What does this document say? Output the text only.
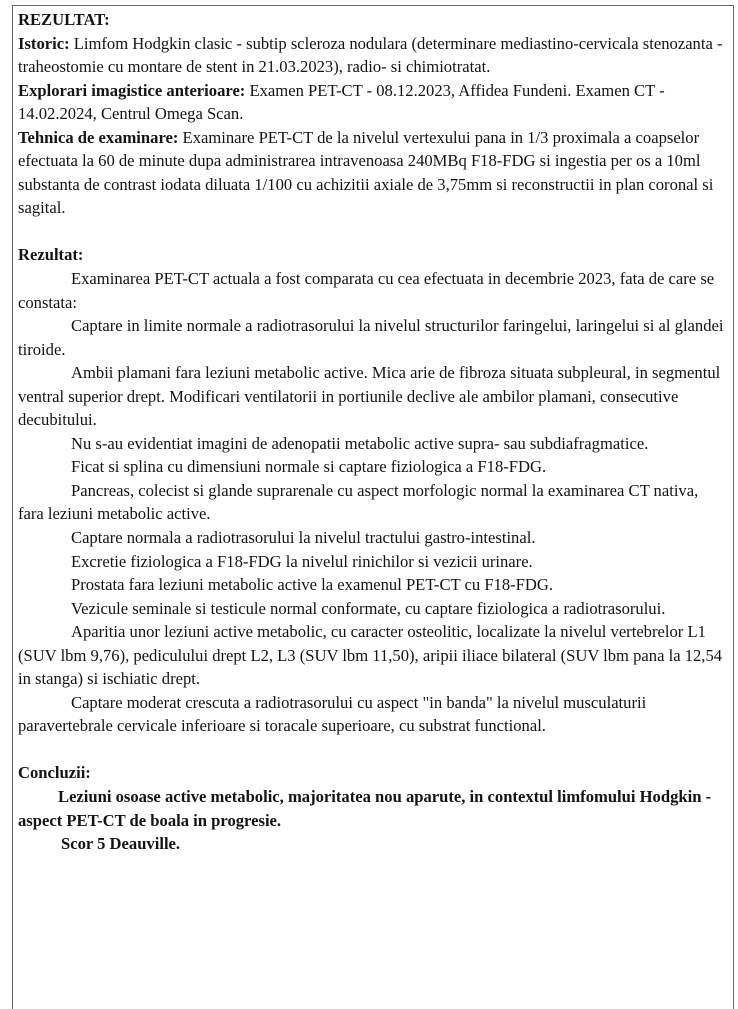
REZULTAT:

Istoric: Limfom Hodgkin clasic - subtip scleroza nodulara (determinare mediastino-cervicala stenozanta - traheostomie cu montare de stent in 21.03.2023), radio- si chimiotratat.

Explorari imagistice anterioare: Examen PET-CT - 08.12.2023, Affidea Fundeni. Examen CT - 14.02.2024, Centrul Omega Scan.

Tehnica de examinare: Examinare PET-CT de la nivelul vertexului pana in 1/3 proximala a coapselor efectuata la 60 de minute dupa administrarea intravenoasa 240MBq F18-FDG si ingestia per os a 10ml substanta de contrast iodata diluata 1/100 cu achizitii axiale de 3,75mm si reconstructii in plan coronal si sagital.

Rezultat:

Examinarea PET-CT actuala a fost comparata cu cea efectuata in decembrie 2023, fata de care se constata:

Captare in limite normale a radiotrasorului la nivelul structurilor faringelui, laringelui si al glandei tiroide.

Ambii plamani fara leziuni metabolic active. Mica arie de fibroza situata subpleural, in segmentul ventral superior drept. Modificari ventilatorii in portiunile declive ale ambilor plamani, consecutive decubitului.

Nu s-au evidentiat imagini de adenopatii metabolic active supra- sau subdiafragmatice.

Ficat si splina cu dimensiuni normale si captare fiziologica a F18-FDG.

Pancreas, colecist si glande suprarenale cu aspect morfologic normal la examinarea CT nativa, fara leziuni metabolic active.

Captare normala a radiotrasorului la nivelul tractului gastro-intestinal.

Excretie fiziologica a F18-FDG la nivelul rinichilor si vezicii urinare.

Prostata fara leziuni metabolic active la examenul PET-CT cu F18-FDG.

Vezicule seminale si testicule normal conformate, cu captare fiziologica a radiotrasorului.

Aparitia unor leziuni active metabolic, cu caracter osteolitic, localizate la nivelul vertebrelor L1 (SUV lbm 9,76), pediculului drept L2, L3 (SUV lbm 11,50), aripii iliace bilateral (SUV lbm pana la 12,54 in stanga) si ischiatic drept.

Captare moderat crescuta a radiotrasorului cu aspect "in banda" la nivelul musculaturii paravertebrale cervicale inferioare si toracale superioare, cu substrat functional.

Concluzii:

Leziuni osoase active metabolic, majoritatea nou aparute, in contextul limfomului Hodgkin - aspect PET-CT de boala in progresie.

Scor 5 Deauville.
